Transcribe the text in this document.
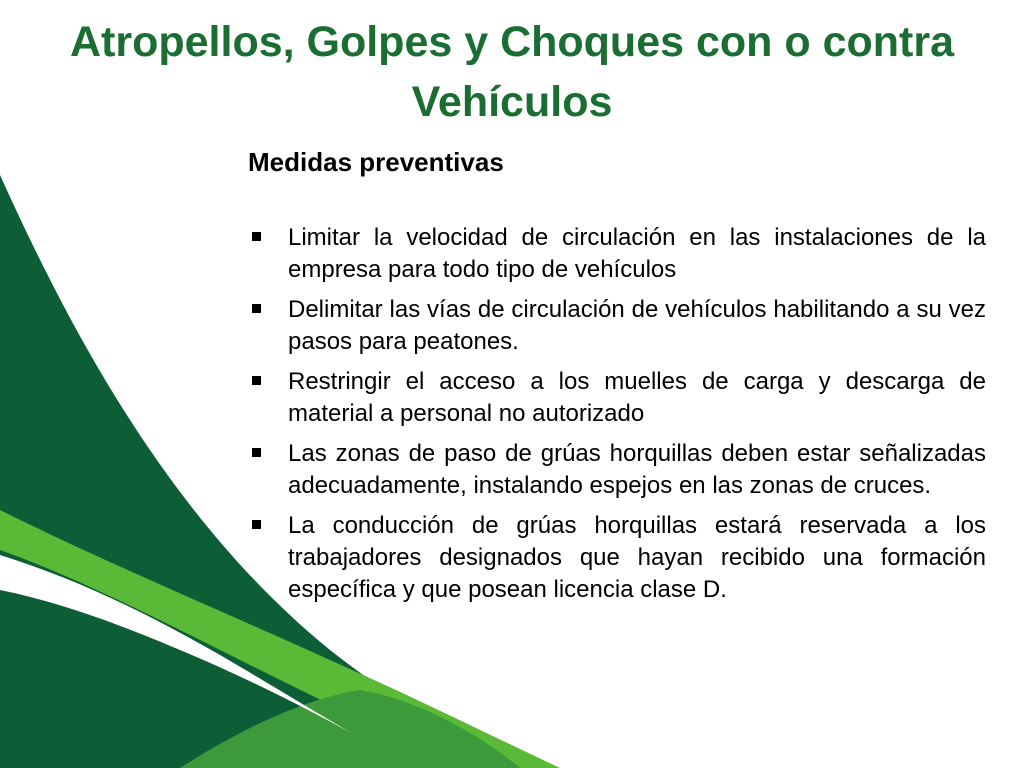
Atropellos, Golpes y Choques con o contra Vehículos
Medidas preventivas
Limitar la velocidad de circulación en las instalaciones de la empresa para todo tipo de vehículos
Delimitar las vías de circulación de vehículos habilitando a su vez pasos para peatones.
Restringir el acceso a los muelles de carga y descarga de material a personal no autorizado
Las zonas de paso de grúas horquillas deben estar señalizadas adecuadamente, instalando espejos en las zonas de cruces.
La conducción de grúas horquillas estará reservada a los trabajadores designados que hayan recibido una formación específica y que posean licencia clase D.
